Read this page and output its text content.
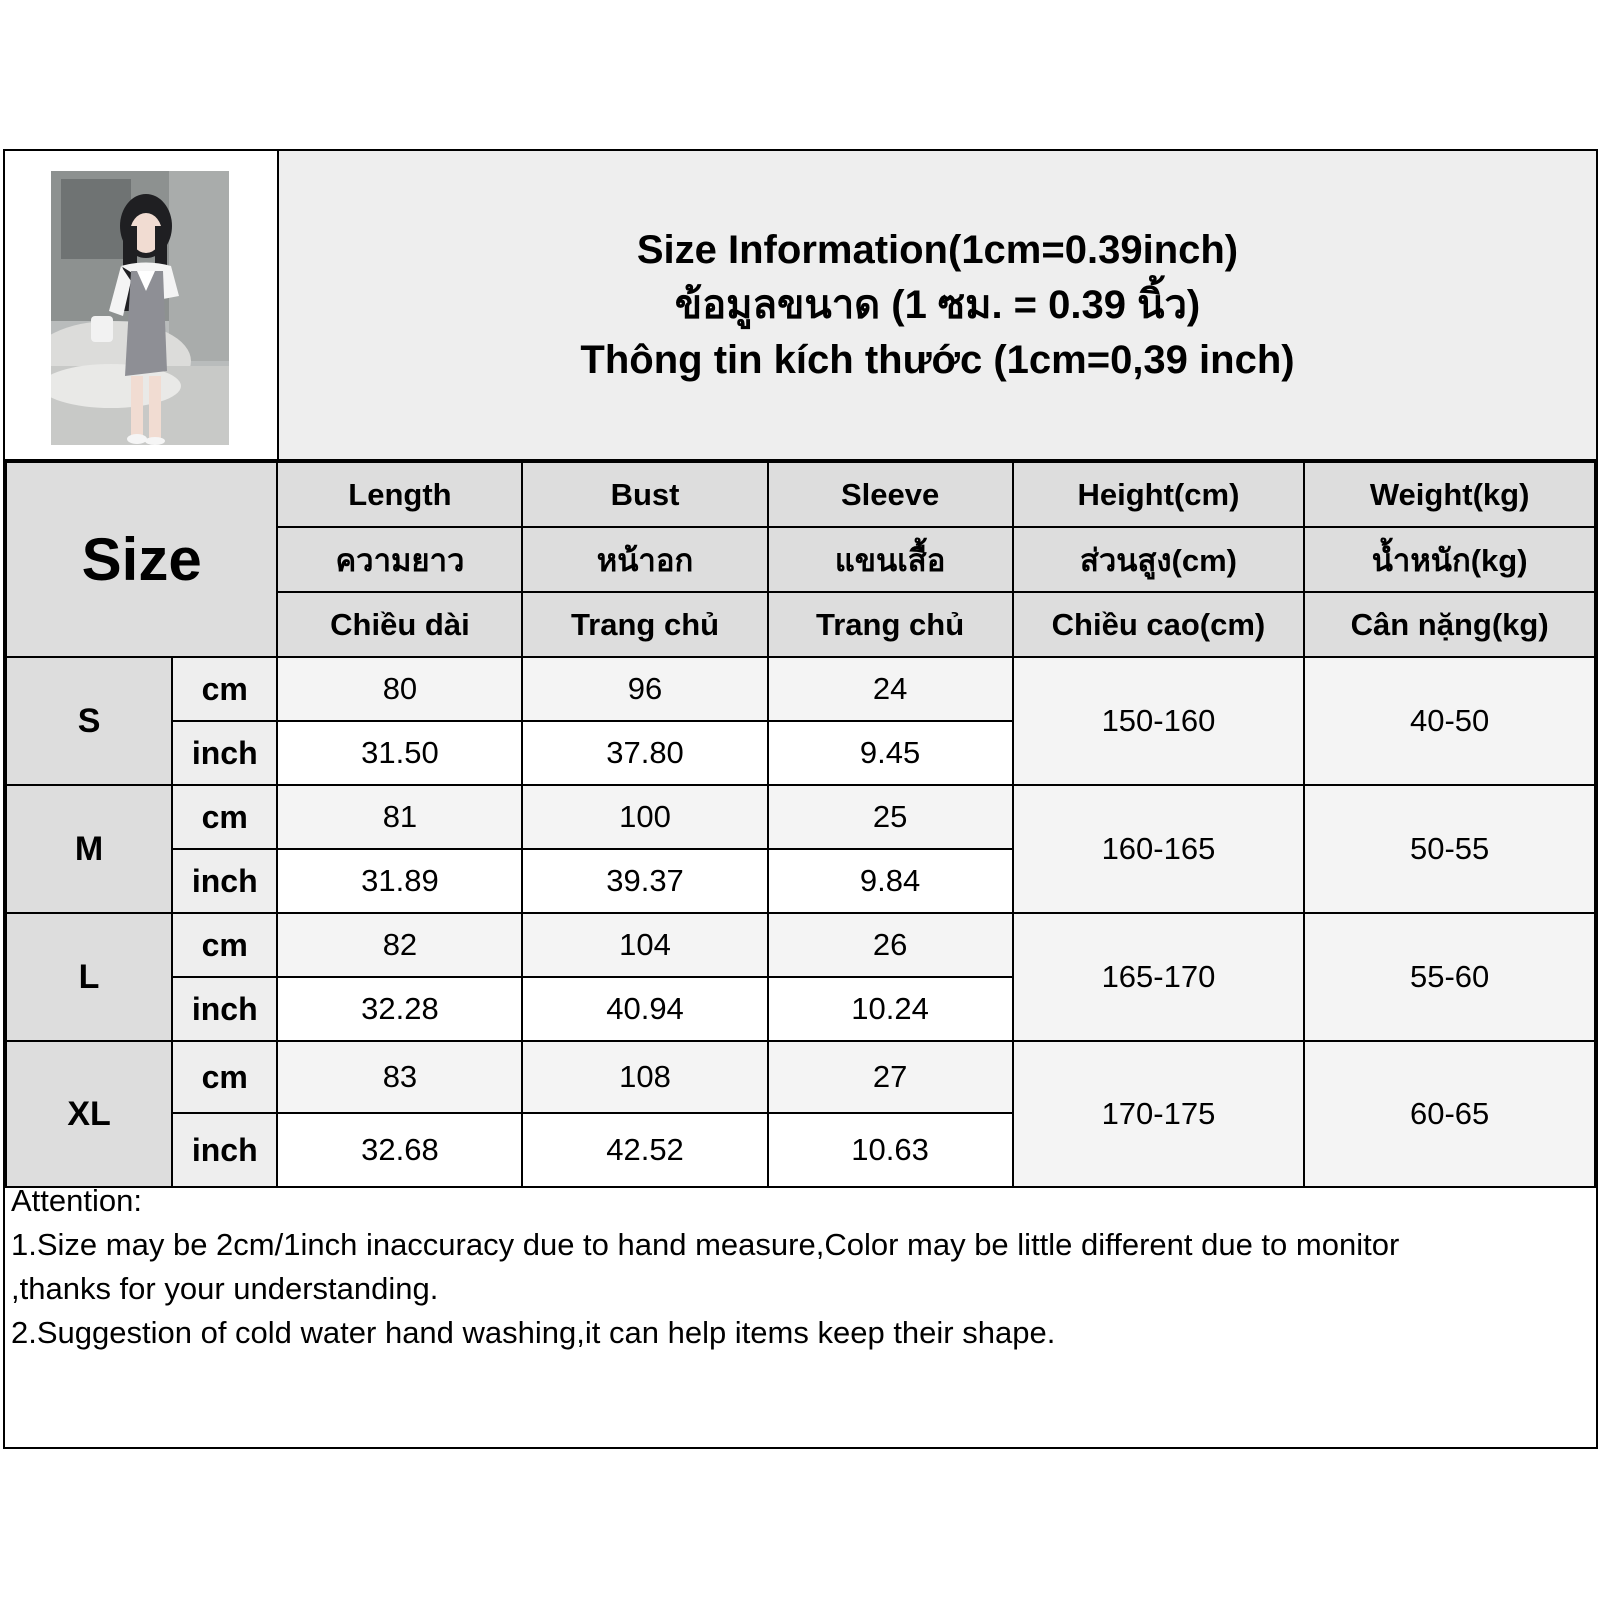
Size Information(1cm=0.39inch)
ข้อมูลขนาด (1 ซม. = 0.39 นิ้ว)
Thông tin kích thước (1cm=0,39 inch)
Size		Length	Bust	Sleeve	Height(cm)	Weight(kg)
		ความยาว	หน้าอก	แขนเสื้อ	ส่วนสูง(cm)	น้ำหนัก(kg)
		Chiều dài	Trang chủ	Trang chủ	Chiều cao(cm)	Cân nặng(kg)
S	cm	80	96	24	150-160	40-50
	inch	31.50	37.80	9.45		
M	cm	81	100	25	160-165	50-55
	inch	31.89	39.37	9.84		
L	cm	82	104	26	165-170	55-60
	inch	32.28	40.94	10.24		
XL	cm	83	108	27	170-175	60-65
	inch	32.68	42.52	10.63		
Attention:
1.Size may be 2cm/1inch inaccuracy due to hand measure,Color may be little different due to monitor
,thanks for your understanding.
2.Suggestion of cold water hand washing,it can help items keep their shape.
